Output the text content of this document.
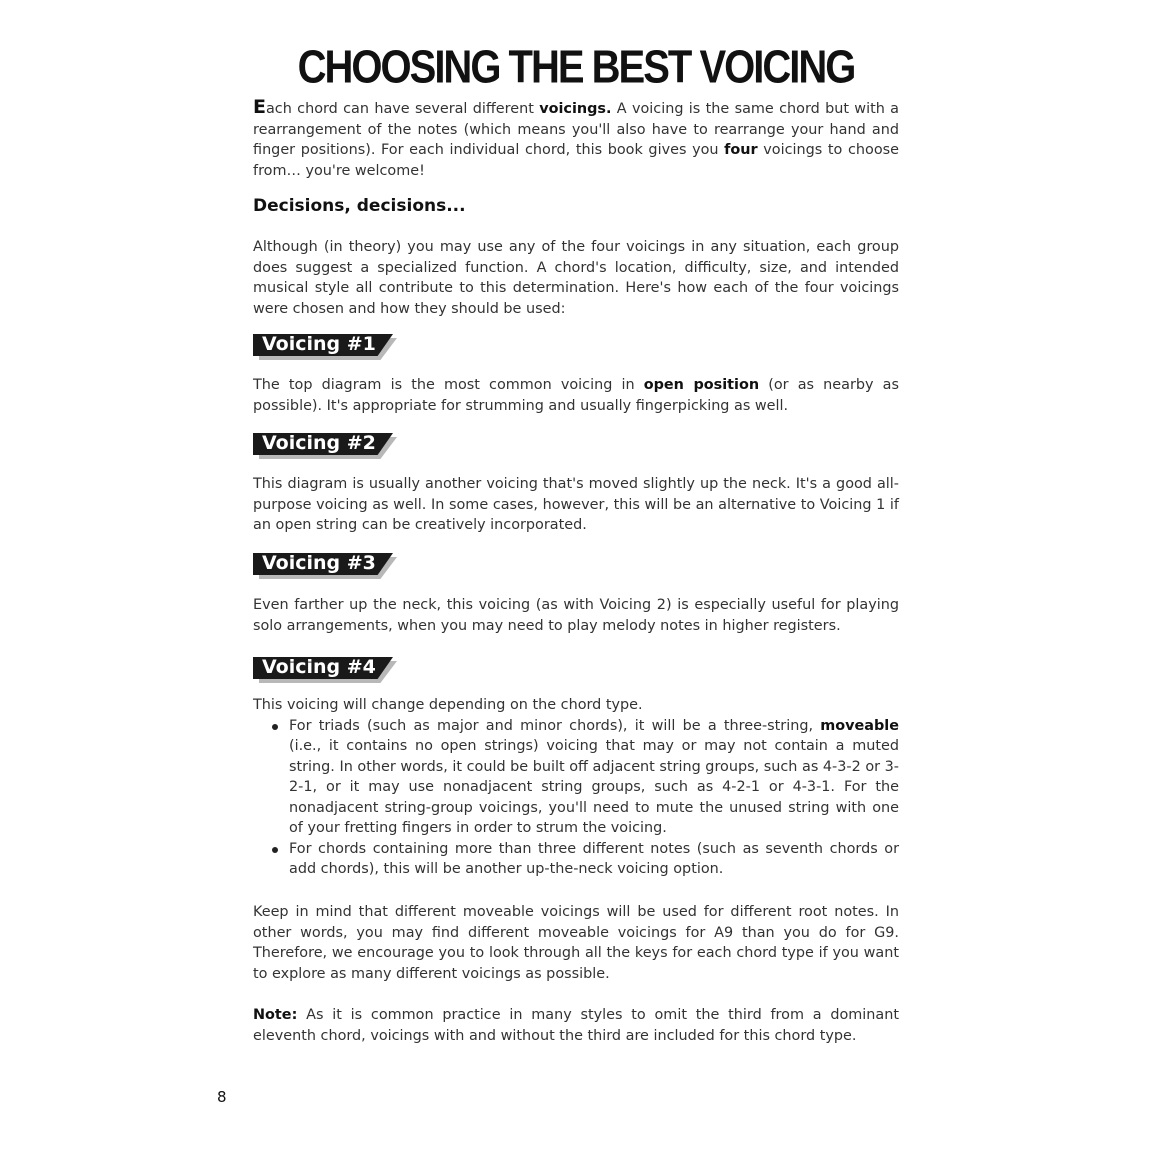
CHOOSING THE BEST VOICING

Each chord can have several different voicings. A voicing is the same chord but with a rearrangement of the notes (which means you'll also have to rearrange your hand and finger positions). For each individual chord, this book gives you four voicings to choose from… you're welcome!

Decisions, decisions...

Although (in theory) you may use any of the four voicings in any situation, each group does suggest a specialized function. A chord's location, difficulty, size, and intended musical style all contribute to this determination. Here's how each of the four voicings were chosen and how they should be used:

Voicing #1

The top diagram is the most common voicing in open position (or as nearby as possible). It's appropriate for strumming and usually fingerpicking as well.

Voicing #2

This diagram is usually another voicing that's moved slightly up the neck. It's a good all-purpose voicing as well. In some cases, however, this will be an alternative to Voicing 1 if an open string can be creatively incorporated.

Voicing #3

Even farther up the neck, this voicing (as with Voicing 2) is especially useful for playing solo arrangements, when you may need to play melody notes in higher registers.

Voicing #4

This voicing will change depending on the chord type.

For triads (such as major and minor chords), it will be a three-string, moveable (i.e., it contains no open strings) voicing that may or may not contain a muted string. In other words, it could be built off adjacent string groups, such as 4-3-2 or 3-2-1, or it may use nonadjacent string groups, such as 4-2-1 or 4-3-1. For the nonadjacent string-group voicings, you'll need to mute the unused string with one of your fretting fingers in order to strum the voicing.
For chords containing more than three different notes (such as seventh chords or add chords), this will be another up-the-neck voicing option.

Keep in mind that different moveable voicings will be used for different root notes. In other words, you may find different moveable voicings for A9 than you do for G9. Therefore, we encourage you to look through all the keys for each chord type if you want to explore as many different voicings as possible.

Note: As it is common practice in many styles to omit the third from a dominant eleventh chord, voicings with and without the third are included for this chord type.

8
